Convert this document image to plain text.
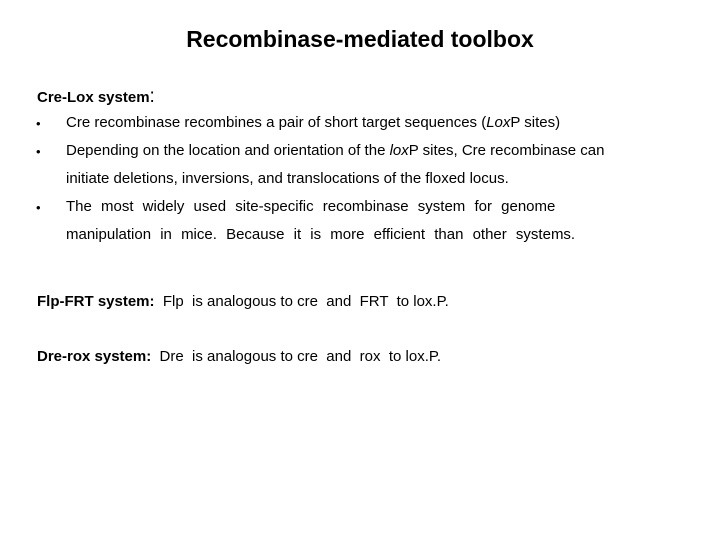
Recombinase-mediated toolbox
Cre-Lox system:
• Cre recombinase recombines a pair of short target sequences (LoxP sites)
• Depending on the location and orientation of the loxP sites, Cre recombinase can
initiate deletions, inversions, and translocations of the floxed locus.
• The most widely used site-specific recombinase system for genome
manipulation in mice. Because it is more efficient than other systems.
Flp-FRT system:  Flp  is analogous to cre  and  FRT  to lox.P.
Dre-rox system:  Dre  is analogous to cre  and  rox  to lox.P.
